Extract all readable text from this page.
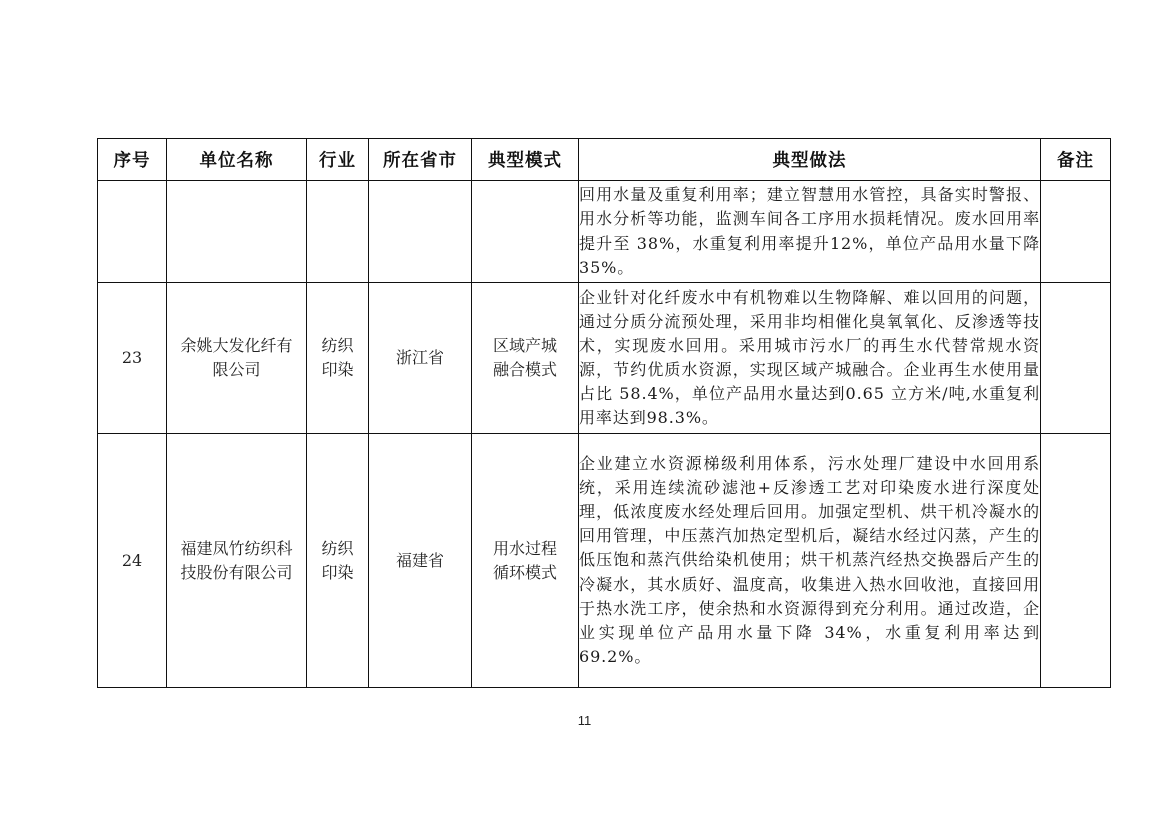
序号	单位名称	行业	所在省市	典型模式	典型做法	备注
					回用水量及重复利用率；建立智慧用水管控，具备实时警报、用水分析等功能，监测车间各工序用水损耗情况。废水回用率提升至 38%，水重复利用率提升12%，单位产品用水量下降 35%。	
23	余姚大发化纤有限公司	纺织印染	浙江省	区域产城融合模式	企业针对化纤废水中有机物难以生物降解、难以回用的问题，通过分质分流预处理，采用非均相催化臭氧氧化、反渗透等技术，实现废水回用。采用城市污水厂的再生水代替常规水资源，节约优质水资源，实现区域产城融合。企业再生水使用量占比 58.4%，单位产品用水量达到0.65 立方米/吨,水重复利用率达到98.3%。	
24	福建凤竹纺织科技股份有限公司	纺织印染	福建省	用水过程循环模式	企业建立水资源梯级利用体系，污水处理厂建设中水回用系统，采用连续流砂滤池+反渗透工艺对印染废水进行深度处理，低浓度废水经处理后回用。加强定型机、烘干机冷凝水的回用管理，中压蒸汽加热定型机后，凝结水经过闪蒸，产生的低压饱和蒸汽供给染机使用；烘干机蒸汽经热交换器后产生的冷凝水，其水质好、温度高，收集进入热水回收池，直接回用于热水洗工序，使余热和水资源得到充分利用。通过改造，企业实现单位产品用水量下降 34%，水重复利用率达到 69.2%。	
11
